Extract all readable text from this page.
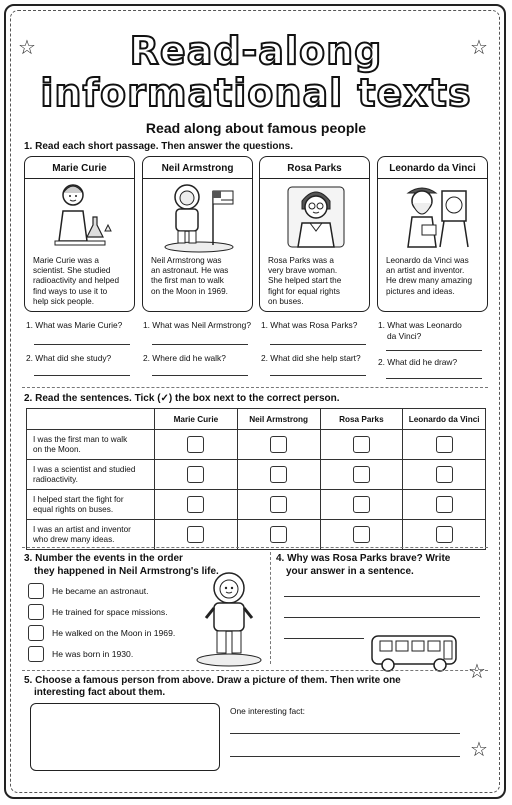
☆	☆
☆
☆
Read-along
informational texts
Read along about famous people
1. Read each short passage. Then answer the questions.
Marie Curie
Marie Curie was a
scientist. She studied
radioactivity and helped
find ways to use it to
help sick people.
Neil Armstrong
Neil Armstrong was
an astronaut. He was
the first man to walk
on the Moon in 1969.
Rosa Parks
Rosa Parks was a
very brave woman.
She helped start the
fight for equal rights
on buses.
Leonardo da Vinci
Leonardo da Vinci was
an artist and inventor.
He drew many amazing
pictures and ideas.
1. What was Marie Curie?
2. What did she study?
1. What was Neil Armstrong?
2. Where did he walk?
1. What was Rosa Parks?
2. What did she help start?
1. What was Leonardo
da Vinci?
2. What did he draw?
2. Read the sentences. Tick (✓) the box next to the correct person.
	Marie Curie	Neil Armstrong	Rosa Parks	Leonardo da Vinci

I was the first man to walk
on the Moon.				

I was a scientist and studied
radioactivity.				

I helped start the fight for
equal rights on buses.				

I was an artist and inventor
who drew many ideas.				

3. Number the events in the order
they happened in Neil Armstrong's life.
He became an astronaut.
He trained for space missions.
He walked on the Moon in 1969.
He was born in 1930.
4. Why was Rosa Parks brave? Write
your answer in a sentence.
5. Choose a famous person from above. Draw a picture of them. Then write one
interesting fact about them.
One interesting fact:
